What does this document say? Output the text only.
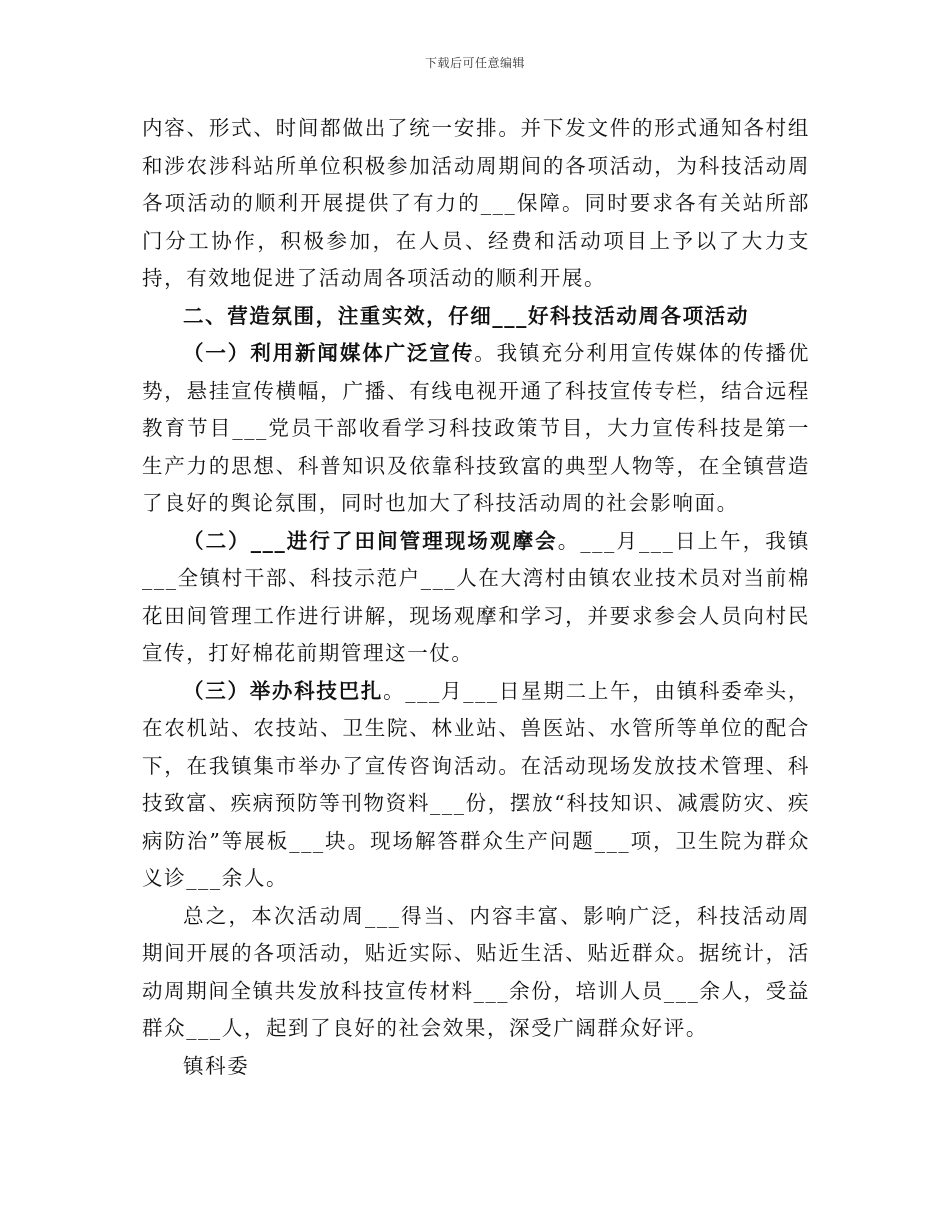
下载后可任意编辑

内容、形式、时间都做出了统一安排。并下发文件的形式通知各村组和涉农涉科站所单位积极参加活动周期间的各项活动，为科技活动周各项活动的顺利开展提供了有力的___保障。同时要求各有关站所部门分工协作，积极参加，在人员、经费和活动项目上予以了大力支持，有效地促进了活动周各项活动的顺利开展。

二、营造氛围，注重实效，仔细___好科技活动周各项活动

（一）利用新闻媒体广泛宣传。我镇充分利用宣传媒体的传播优势，悬挂宣传横幅，广播、有线电视开通了科技宣传专栏，结合远程教育节目___党员干部收看学习科技政策节目，大力宣传科技是第一生产力的思想、科普知识及依靠科技致富的典型人物等，在全镇营造了良好的舆论氛围，同时也加大了科技活动周的社会影响面。

（二）___进行了田间管理现场观摩会。___月___日上午，我镇___全镇村干部、科技示范户___人在大湾村由镇农业技术员对当前棉花田间管理工作进行讲解，现场观摩和学习，并要求参会人员向村民宣传，打好棉花前期管理这一仗。

（三）举办科技巴扎。___月___日星期二上午，由镇科委牵头，在农机站、农技站、卫生院、林业站、兽医站、水管所等单位的配合下，在我镇集市举办了宣传咨询活动。在活动现场发放技术管理、科技致富、疾病预防等刊物资料___份，摆放“科技知识、减震防灾、疾病防治”等展板___块。现场解答群众生产问题___项，卫生院为群众义诊___余人。

总之，本次活动周___得当、内容丰富、影响广泛，科技活动周期间开展的各项活动，贴近实际、贴近生活、贴近群众。据统计，活动周期间全镇共发放科技宣传材料___余份，培训人员___余人，受益群众___人，起到了良好的社会效果，深受广阔群众好评。

镇科委
